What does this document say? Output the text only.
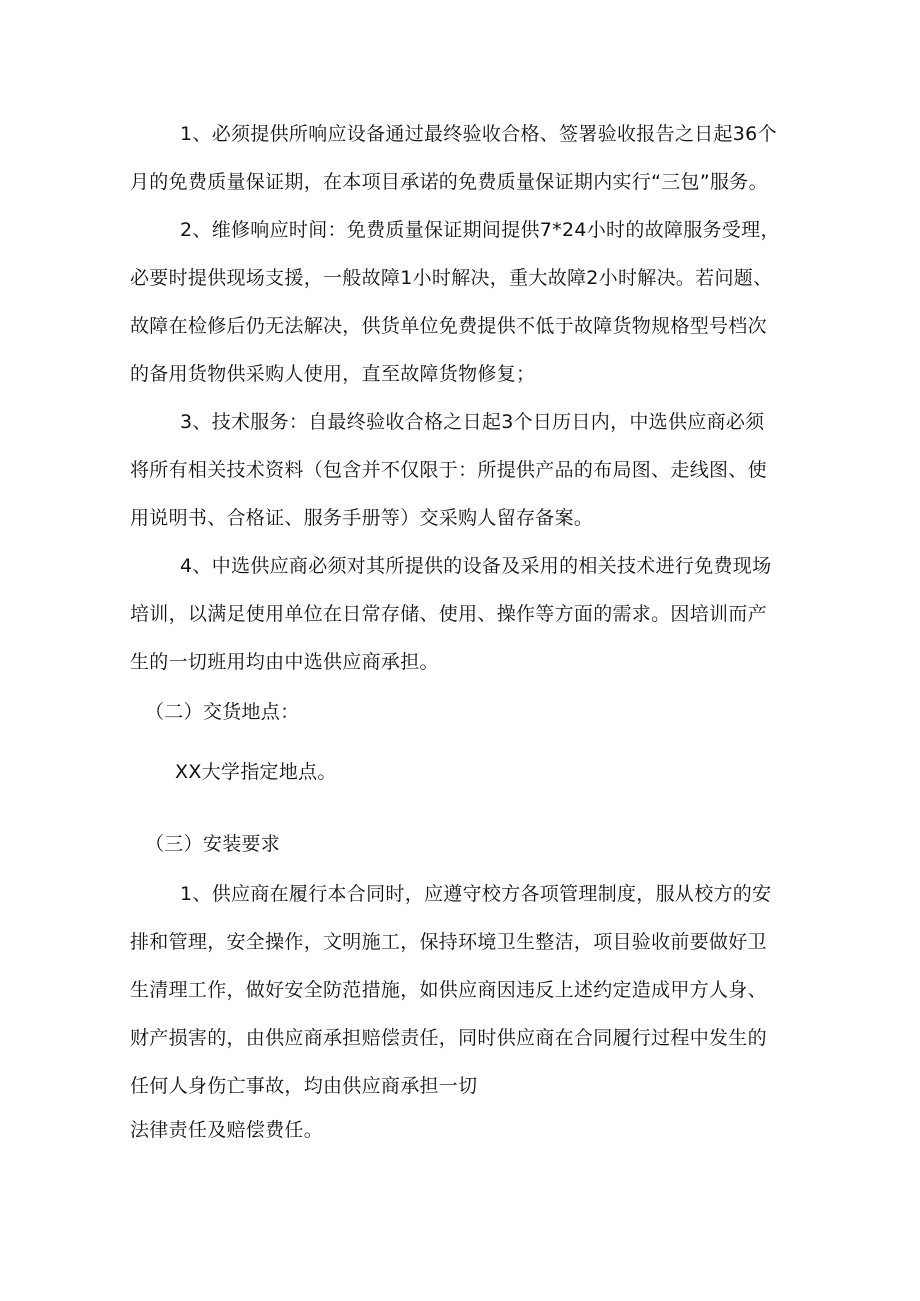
1、必须提供所响应设备通过最终验收合格、签署验收报告之日起36个
月的免费质量保证期，在本项目承诺的免费质量保证期内实行“三包”服务。
2、维修响应时间：免费质量保证期间提供7*24小时的故障服务受理，
必要时提供现场支援，一般故障1小时解决，重大故障2小时解决。若问题、
故障在检修后仍无法解决，供货单位免费提供不低于故障货物规格型号档次
的备用货物供采购人使用，直至故障货物修复；
3、技术服务：自最终验收合格之日起3个日历日内，中选供应商必须
将所有相关技术资料（包含并不仅限于：所提供产品的布局图、走线图、使
用说明书、合格证、服务手册等）交采购人留存备案。
4、中选供应商必须对其所提供的设备及采用的相关技术进行免费现场
培训，以满足使用单位在日常存储、使用、操作等方面的需求。因培训而产
生的一切班用均由中选供应商承担。
（二）交货地点：
XX大学指定地点。
（三）安装要求
1、供应商在履行本合同时，应遵守校方各项管理制度，服从校方的安
排和管理，安全操作，文明施工，保持环境卫生整洁，项目验收前要做好卫
生清理工作，做好安全防范措施，如供应商因违反上述约定造成甲方人身、
财产损害的，由供应商承担赔偿责任，同时供应商在合同履行过程中发生的
任何人身伤亡事故，均由供应商承担一切
法律责任及赔偿费任。
